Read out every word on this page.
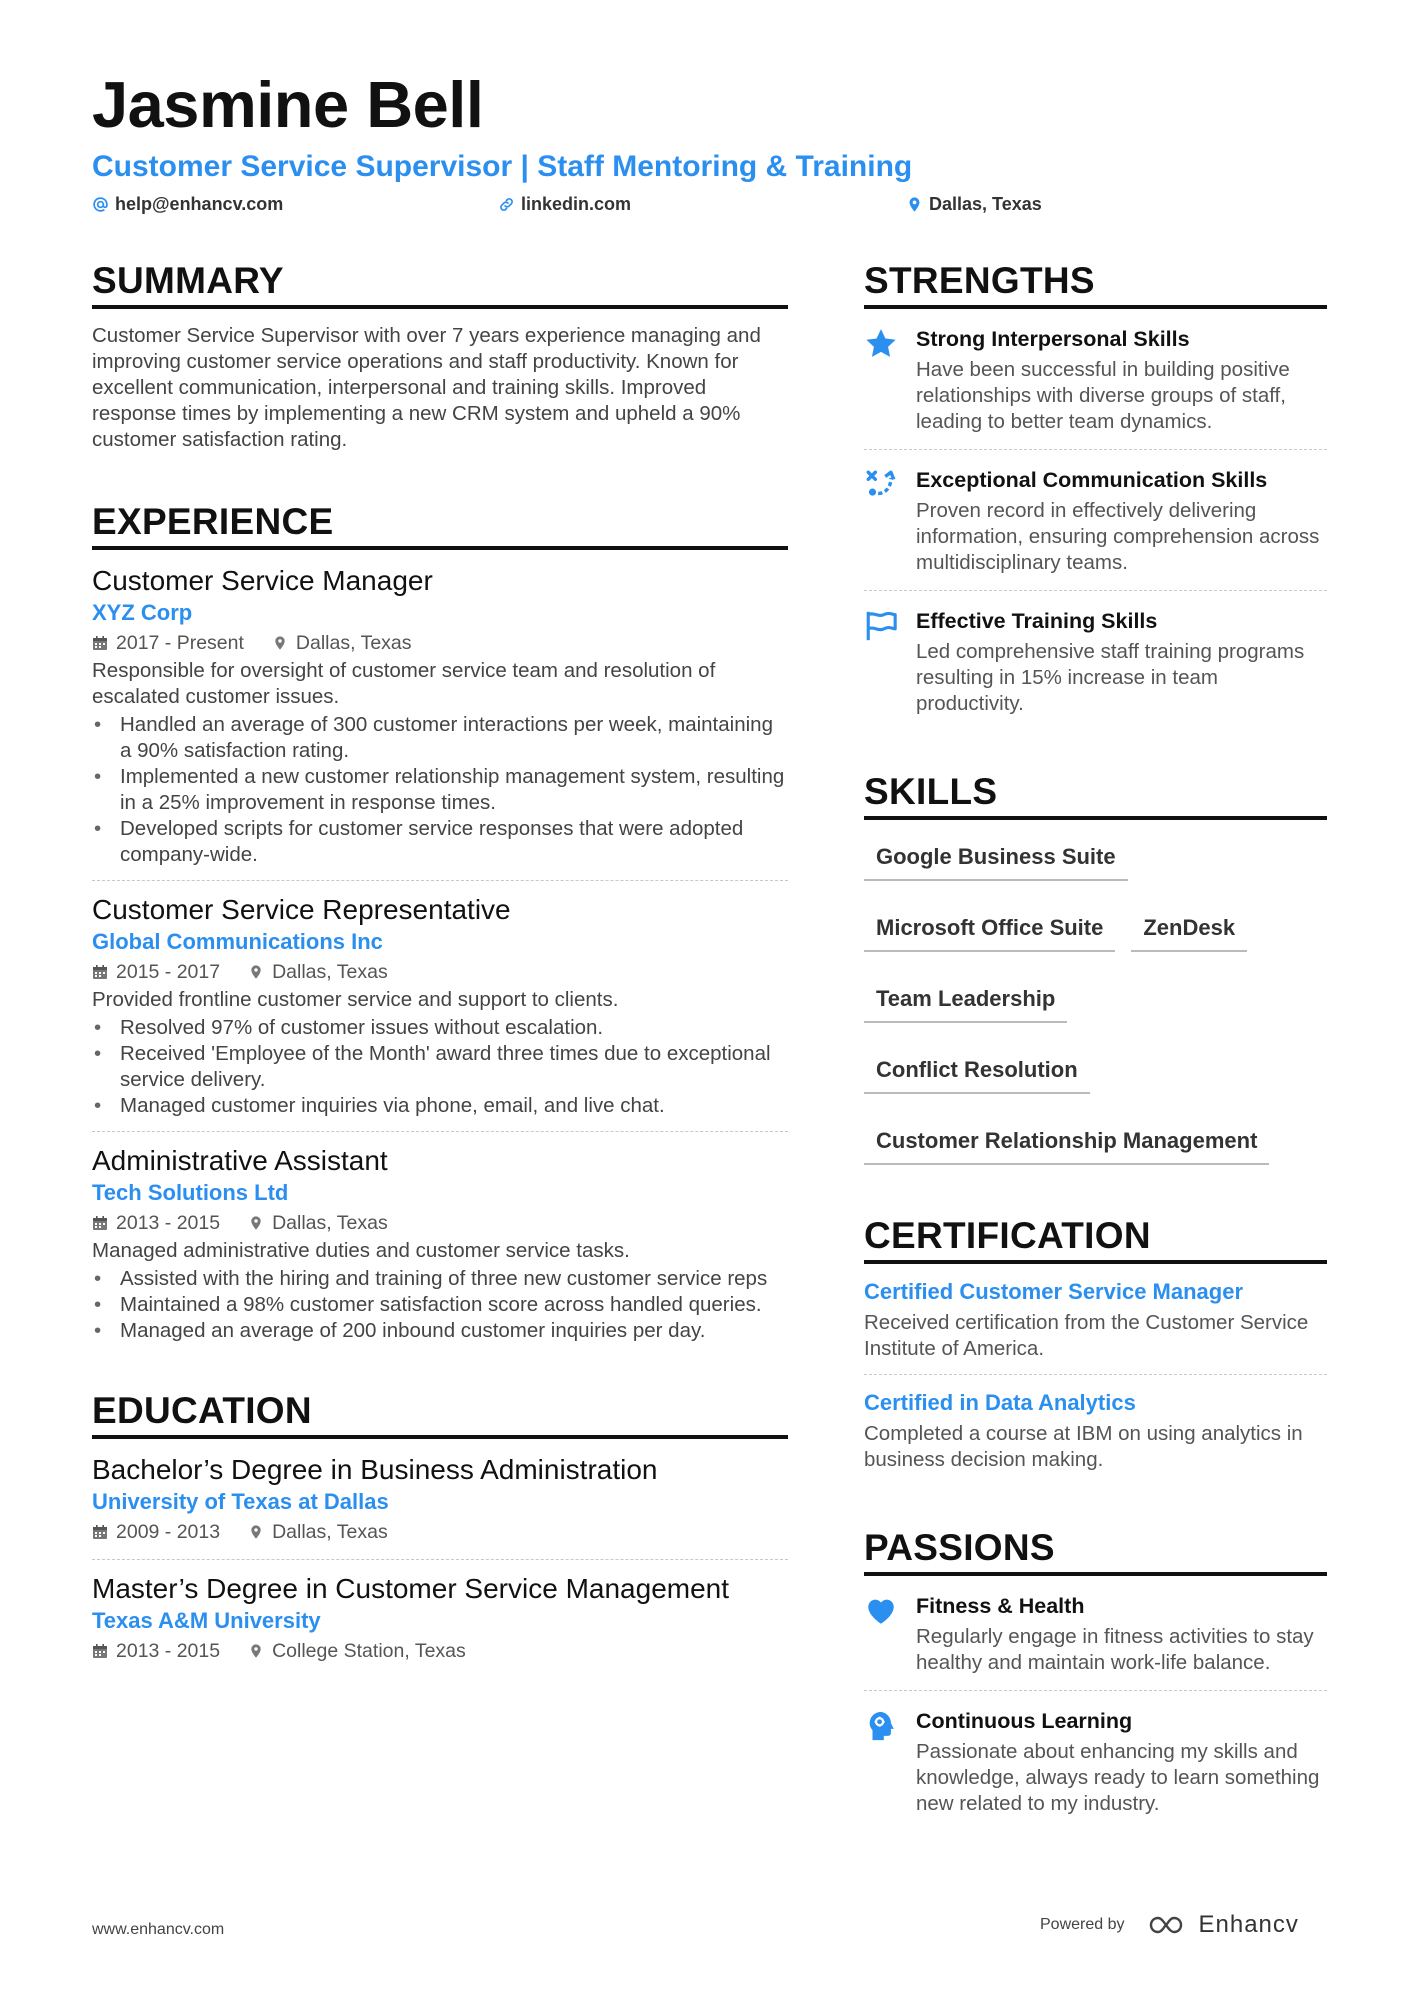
Jasmine Bell
Customer Service Supervisor | Staff Mentoring & Training
help@enhancv.com	linkedin.com	Dallas, Texas
SUMMARY
Customer Service Supervisor with over 7 years experience managing and improving customer service operations and staff productivity. Known for excellent communication, interpersonal and training skills. Improved response times by implementing a new CRM system and upheld a 90% customer satisfaction rating.
EXPERIENCE
Customer Service Manager
XYZ Corp
2017 - Present	Dallas, Texas
Responsible for oversight of customer service team and resolution of escalated customer issues.
• Handled an average of 300 customer interactions per week, maintaining a 90% satisfaction rating.
• Implemented a new customer relationship management system, resulting in a 25% improvement in response times.
• Developed scripts for customer service responses that were adopted company-wide.
Customer Service Representative
Global Communications Inc
2015 - 2017	Dallas, Texas
Provided frontline customer service and support to clients.
• Resolved 97% of customer issues without escalation.
• Received 'Employee of the Month' award three times due to exceptional service delivery.
• Managed customer inquiries via phone, email, and live chat.
Administrative Assistant
Tech Solutions Ltd
2013 - 2015	Dallas, Texas
Managed administrative duties and customer service tasks.
• Assisted with the hiring and training of three new customer service reps
• Maintained a 98% customer satisfaction score across handled queries.
• Managed an average of 200 inbound customer inquiries per day.
EDUCATION
Bachelor’s Degree in Business Administration
University of Texas at Dallas
2009 - 2013	Dallas, Texas
Master’s Degree in Customer Service Management
Texas A&M University
2013 - 2015	College Station, Texas
STRENGTHS
Strong Interpersonal Skills
Have been successful in building positive relationships with diverse groups of staff, leading to better team dynamics.
Exceptional Communication Skills
Proven record in effectively delivering information, ensuring comprehension across multidisciplinary teams.
Effective Training Skills
Led comprehensive staff training programs resulting in 15% increase in team productivity.
SKILLS
Google Business Suite
Microsoft Office Suite	ZenDesk
Team Leadership
Conflict Resolution
Customer Relationship Management
CERTIFICATION
Certified Customer Service Manager
Received certification from the Customer Service Institute of America.
Certified in Data Analytics
Completed a course at IBM on using analytics in business decision making.
PASSIONS
Fitness & Health
Regularly engage in fitness activities to stay healthy and maintain work-life balance.
Continuous Learning
Passionate about enhancing my skills and knowledge, always ready to learn something new related to my industry.
www.enhancv.com	Powered by	Enhancv
